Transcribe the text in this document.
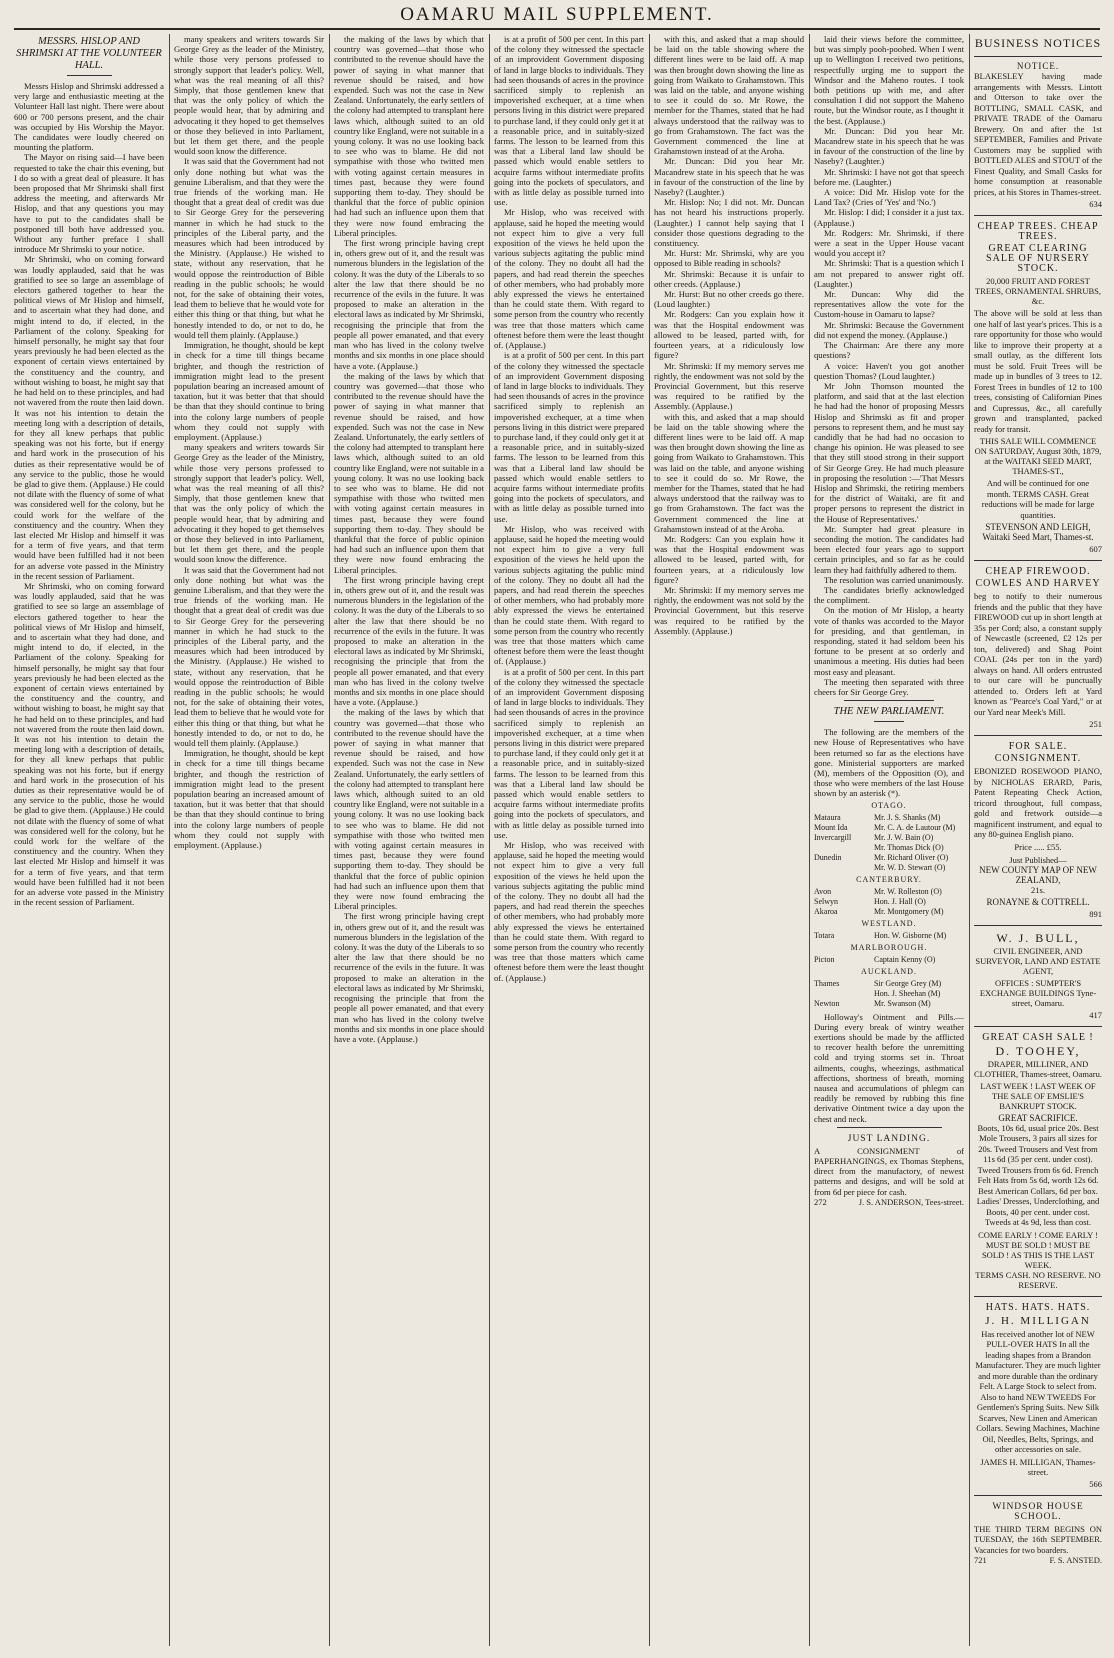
OAMARU MAIL SUPPLEMENT.
MESSRS. HISLOP AND SHRIMSKI AT THE VOLUNTEER HALL.

Messrs Hislop and Shrimski addressed a very large and enthusiastic meeting at the Volunteer Hall last night. There were about 600 or 700 persons present, and the chair was occupied by His Worship the Mayor. The candidates were loudly cheered on mounting the platform.

The Mayor on rising said—I have been requested to take the chair this evening, but I do so with a great deal of pleasure. It has been proposed that Mr Shrimski shall first address the meeting, and afterwards Mr Hislop, and that any questions you may have to put to the candidates shall be postponed till both have addressed you. Without any further preface I shall introduce Mr Shrimski to your notice.

Mr Shrimski, who on coming forward was loudly applauded, said that he was gratified to see so large an assemblage of electors gathered together to hear the political views of Mr Hislop and himself, and to ascertain what they had done, and might intend to do, if elected, in the Parliament of the colony. Speaking for himself personally, he might say that four years previously he had been elected as the exponent of certain views entertained by the constituency and the country, and without wishing to boast, he might say that he had held on to these principles, and had not wavered from the route then laid down. It was not his intention to detain the meeting long with a description of details, for they all knew perhaps that public speaking was not his forte, but if energy and hard work in the prosecution of his duties as their representative would be of any service to the public, those he would be glad to give them. (Applause.) He could not dilate with the fluency of some of what was considered well for the colony, but he could work for the welfare of the constituency and the country. When they last elected Mr Hislop and himself it was for a term of five years, and that term would have been fulfilled had it not been for an adverse vote passed in the Ministry in the recent session of Parliament.

Mr Shrimski, who on coming forward was loudly applauded, said that he was gratified to see so large an assemblage of electors gathered together to hear the political views of Mr Hislop and himself, and to ascertain what they had done, and might intend to do, if elected, in the Parliament of the colony. Speaking for himself personally, he might say that four years previously he had been elected as the exponent of certain views entertained by the constituency and the country, and without wishing to boast, he might say that he had held on to these principles, and had not wavered from the route then laid down. It was not his intention to detain the meeting long with a description of details, for they all knew perhaps that public speaking was not his forte, but if energy and hard work in the prosecution of his duties as their representative would be of any service to the public, those he would be glad to give them. (Applause.) He could not dilate with the fluency of some of what was considered well for the colony, but he could work for the welfare of the constituency and the country. When they last elected Mr Hislop and himself it was for a term of five years, and that term would have been fulfilled had it not been for an adverse vote passed in the Ministry in the recent session of Parliament.

many speakers and writers towards Sir George Grey as the leader of the Ministry, while those very persons professed to strongly support that leader's policy. Well, what was the real meaning of all this? Simply, that those gentlemen knew that that was the only policy of which the people would hear, that by admiring and advocating it they hoped to get themselves or those they believed in into Parliament, but let them get there, and the people would soon know the difference.

It was said that the Government had not only done nothing but what was the genuine Liberalism, and that they were the true friends of the working man. He thought that a great deal of credit was due to Sir George Grey for the persevering manner in which he had stuck to the principles of the Liberal party, and the measures which had been introduced by the Ministry. (Applause.) He wished to state, without any reservation, that he would oppose the reintroduction of Bible reading in the public schools; he would not, for the sake of obtaining their votes, lead them to believe that he would vote for either this thing or that thing, but what he honestly intended to do, or not to do, he would tell them plainly. (Applause.)

Immigration, he thought, should be kept in check for a time till things became brighter, and though the restriction of immigration might lead to the present population bearing an increased amount of taxation, but it was better that that should be than that they should continue to bring into the colony large numbers of people whom they could not supply with employment. (Applause.)

many speakers and writers towards Sir George Grey as the leader of the Ministry, while those very persons professed to strongly support that leader's policy. Well, what was the real meaning of all this? Simply, that those gentlemen knew that that was the only policy of which the people would hear, that by admiring and advocating it they hoped to get themselves or those they believed in into Parliament, but let them get there, and the people would soon know the difference.

It was said that the Government had not only done nothing but what was the genuine Liberalism, and that they were the true friends of the working man. He thought that a great deal of credit was due to Sir George Grey for the persevering manner in which he had stuck to the principles of the Liberal party, and the measures which had been introduced by the Ministry. (Applause.) He wished to state, without any reservation, that he would oppose the reintroduction of Bible reading in the public schools; he would not, for the sake of obtaining their votes, lead them to believe that he would vote for either this thing or that thing, but what he honestly intended to do, or not to do, he would tell them plainly. (Applause.)

Immigration, he thought, should be kept in check for a time till things became brighter, and though the restriction of immigration might lead to the present population bearing an increased amount of taxation, but it was better that that should be than that they should continue to bring into the colony large numbers of people whom they could not supply with employment. (Applause.)

the making of the laws by which that country was governed—that those who contributed to the revenue should have the power of saying in what manner that revenue should be raised, and how expended. Such was not the case in New Zealand. Unfortunately, the early settlers of the colony had attempted to transplant here laws which, although suited to an old country like England, were not suitable in a young colony. It was no use looking back to see who was to blame. He did not sympathise with those who twitted men with voting against certain measures in times past, because they were found supporting them to-day. They should be thankful that the force of public opinion had had such an influence upon them that they were now found embracing the Liberal principles.

The first wrong principle having crept in, others grew out of it, and the result was numerous blunders in the legislation of the colony. It was the duty of the Liberals to so alter the law that there should be no recurrence of the evils in the future. It was proposed to make an alteration in the electoral laws as indicated by Mr Shrimski, recognising the principle that from the people all power emanated, and that every man who has lived in the colony twelve months and six months in one place should have a vote. (Applause.)

the making of the laws by which that country was governed—that those who contributed to the revenue should have the power of saying in what manner that revenue should be raised, and how expended. Such was not the case in New Zealand. Unfortunately, the early settlers of the colony had attempted to transplant here laws which, although suited to an old country like England, were not suitable in a young colony. It was no use looking back to see who was to blame. He did not sympathise with those who twitted men with voting against certain measures in times past, because they were found supporting them to-day. They should be thankful that the force of public opinion had had such an influence upon them that they were now found embracing the Liberal principles.

The first wrong principle having crept in, others grew out of it, and the result was numerous blunders in the legislation of the colony. It was the duty of the Liberals to so alter the law that there should be no recurrence of the evils in the future. It was proposed to make an alteration in the electoral laws as indicated by Mr Shrimski, recognising the principle that from the people all power emanated, and that every man who has lived in the colony twelve months and six months in one place should have a vote. (Applause.)

the making of the laws by which that country was governed—that those who contributed to the revenue should have the power of saying in what manner that revenue should be raised, and how expended. Such was not the case in New Zealand. Unfortunately, the early settlers of the colony had attempted to transplant here laws which, although suited to an old country like England, were not suitable in a young colony. It was no use looking back to see who was to blame. He did not sympathise with those who twitted men with voting against certain measures in times past, because they were found supporting them to-day. They should be thankful that the force of public opinion had had such an influence upon them that they were now found embracing the Liberal principles.

The first wrong principle having crept in, others grew out of it, and the result was numerous blunders in the legislation of the colony. It was the duty of the Liberals to so alter the law that there should be no recurrence of the evils in the future. It was proposed to make an alteration in the electoral laws as indicated by Mr Shrimski, recognising the principle that from the people all power emanated, and that every man who has lived in the colony twelve months and six months in one place should have a vote. (Applause.)

is at a profit of 500 per cent. In this part of the colony they witnessed the spectacle of an improvident Government disposing of land in large blocks to individuals. They had seen thousands of acres in the province sacrificed simply to replenish an impoverished exchequer, at a time when persons living in this district were prepared to purchase land, if they could only get it at a reasonable price, and in suitably-sized farms. The lesson to be learned from this was that a Liberal land law should be passed which would enable settlers to acquire farms without intermediate profits going into the pockets of speculators, and with as little delay as possible turned into use.

Mr Hislop, who was received with applause, said he hoped the meeting would not expect him to give a very full exposition of the views he held upon the various subjects agitating the public mind of the colony. They no doubt all had the papers, and had read therein the speeches of other members, who had probably more ably expressed the views he entertained than he could state them. With regard to some person from the country who recently was tree that those matters which came oftenest before them were the least thought of. (Applause.)

is at a profit of 500 per cent. In this part of the colony they witnessed the spectacle of an improvident Government disposing of land in large blocks to individuals. They had seen thousands of acres in the province sacrificed simply to replenish an impoverished exchequer, at a time when persons living in this district were prepared to purchase land, if they could only get it at a reasonable price, and in suitably-sized farms. The lesson to be learned from this was that a Liberal land law should be passed which would enable settlers to acquire farms without intermediate profits going into the pockets of speculators, and with as little delay as possible turned into use.

Mr Hislop, who was received with applause, said he hoped the meeting would not expect him to give a very full exposition of the views he held upon the various subjects agitating the public mind of the colony. They no doubt all had the papers, and had read therein the speeches of other members, who had probably more ably expressed the views he entertained than he could state them. With regard to some person from the country who recently was tree that those matters which came oftenest before them were the least thought of. (Applause.)

is at a profit of 500 per cent. In this part of the colony they witnessed the spectacle of an improvident Government disposing of land in large blocks to individuals. They had seen thousands of acres in the province sacrificed simply to replenish an impoverished exchequer, at a time when persons living in this district were prepared to purchase land, if they could only get it at a reasonable price, and in suitably-sized farms. The lesson to be learned from this was that a Liberal land law should be passed which would enable settlers to acquire farms without intermediate profits going into the pockets of speculators, and with as little delay as possible turned into use.

Mr Hislop, who was received with applause, said he hoped the meeting would not expect him to give a very full exposition of the views he held upon the various subjects agitating the public mind of the colony. They no doubt all had the papers, and had read therein the speeches of other members, who had probably more ably expressed the views he entertained than he could state them. With regard to some person from the country who recently was tree that those matters which came oftenest before them were the least thought of. (Applause.)

with this, and asked that a map should be laid on the table showing where the different lines were to be laid off. A map was then brought down showing the line as going from Waikato to Grahamstown. This was laid on the table, and anyone wishing to see it could do so. Mr Rowe, the member for the Thames, stated that he had always understood that the railway was to go from Grahamstown. The fact was the Government commenced the line at Grahamstown instead of at the Aroha.

Mr. Duncan: Did you hear Mr. Macandrew state in his speech that he was in favour of the construction of the line by Naseby? (Laughter.)

Mr. Hislop: No; I did not. Mr. Duncan has not heard his instructions properly. (Laughter.) I cannot help saying that I consider those questions degrading to the constituency.

Mr. Hurst: Mr. Shrimski, why are you opposed to Bible reading in schools?

Mr. Shrimski: Because it is unfair to other creeds. (Applause.)

Mr. Hurst: But no other creeds go there. (Loud laughter.)

Mr. Rodgers: Can you explain how it was that the Hospital endowment was allowed to be leased, parted with, for fourteen years, at a ridiculously low figure?

Mr. Shrimski: If my memory serves me rightly, the endowment was not sold by the Provincial Government, but this reserve was required to be ratified by the Assembly. (Applause.)

with this, and asked that a map should be laid on the table showing where the different lines were to be laid off. A map was then brought down showing the line as going from Waikato to Grahamstown. This was laid on the table, and anyone wishing to see it could do so. Mr Rowe, the member for the Thames, stated that he had always understood that the railway was to go from Grahamstown. The fact was the Government commenced the line at Grahamstown instead of at the Aroha.

Mr. Rodgers: Can you explain how it was that the Hospital endowment was allowed to be leased, parted with, for fourteen years, at a ridiculously low figure?

Mr. Shrimski: If my memory serves me rightly, the endowment was not sold by the Provincial Government, but this reserve was required to be ratified by the Assembly. (Applause.)

laid their views before the committee, but was simply pooh-poohed. When I went up to Wellington I received two petitions, respectfully urging me to support the Windsor and the Maheno routes. I took both petitions up with me, and after consultation I did not support the Maheno route, but the Windsor route, as I thought it the best. (Applause.)

Mr. Duncan: Did you hear Mr. Macandrew state in his speech that he was in favour of the construction of the line by Naseby? (Laughter.)

Mr. Shrimski: I have not got that speech before me. (Laughter.)

A voice: Did Mr. Hislop vote for the Land Tax? (Cries of 'Yes' and 'No.')

Mr. Hislop: I did; I consider it a just tax. (Applause.)

Mr. Rodgers: Mr. Shrimski, if there were a seat in the Upper House vacant would you accept it?

Mr. Shrimski: That is a question which I am not prepared to answer right off. (Laughter.)

Mr. Duncan: Why did the representatives allow the vote for the Custom-house in Oamaru to lapse?

Mr. Shrimski: Because the Government did not expend the money. (Applause.)

The Chairman: Are there any more questions?

A voice: Haven't you got another question Thomas? (Loud laughter.)

Mr John Thomson mounted the platform, and said that at the last election he had had the honor of proposing Messrs Hislop and Shrimski as fit and proper persons to represent them, and he must say candidly that he had had no occasion to change his opinion. He was pleased to see that they still stood strong in their support of Sir George Grey. He had much pleasure in proposing the resolution :—'That Messrs Hislop and Shrimski, the retiring members for the district of Waitaki, are fit and proper persons to represent the district in the House of Representatives.'

Mr. Sumpter had great pleasure in seconding the motion. The candidates had been elected four years ago to support certain principles, and so far as he could learn they had faithfully adhered to them.

The resolution was carried unanimously.

The candidates briefly acknowledged the compliment.

On the motion of Mr Hislop, a hearty vote of thanks was accorded to the Mayor for presiding, and that gentleman, in responding, stated it had seldom been his fortune to be present at so orderly and unanimous a meeting. His duties had been most easy and pleasant.

The meeting then separated with three cheers for Sir George Grey.

THE NEW PARLIAMENT.

The following are the members of the new House of Representatives who have been returned so far as the elections have gone. Ministerial supporters are marked (M), members of the Opposition (O), and those who were members of the last House shown by an asterisk (*).

OTAGO.
Mataura	Mr. J. S. Shanks (M)
Mount Ida	Mr. C. A. de Lautour (M)
Invercargill	Mr. J. W. Bain (O)
Mr. Thomas Dick (O)
Dunedin	Mr. Richard Oliver (O)
Mr. W. D. Stewart (O)
CANTERBURY.
Avon	Mr. W. Rolleston (O)
Selwyn	Hon. J. Hall (O)
Akaroa	Mr. Montgomery (M)
WESTLAND.
Totara	Hon. W. Gisborne (M)
MARLBOROUGH.
Picton	Captain Kenny (O)
AUCKLAND.
Thames	Sir George Grey (M)
Hon. J. Sheehan (M)
Newton	Mr. Swanson (M)

Holloway's Ointment and Pills.—During every break of wintry weather exertions should be made by the afflicted to recover health before the unremitting cold and trying storms set in. Throat ailments, coughs, wheezings, asthmatical affections, shortness of breath, morning nausea and accumulations of phlegm can readily be removed by rubbing this fine derivative Ointment twice a day upon the chest and neck.

JUST LANDING.

A CONSIGNMENT of PAPERHANGINGS, ex Thomas Stephens, direct from the manufactory, of newest patterns and designs, and will be sold at from 6d per piece for cash.

272	J. S. ANDERSON, Tees-street.
BUSINESS NOTICES
NOTICE.
BLAKESLEY having made arrangements with Messrs. Lintott and Otterson to take over the BOTTLING, SMALL CASK, and PRIVATE TRADE of the Oamaru Brewery. On and after the 1st SEPTEMBER, Families and Private Customers may be supplied with BOTTLED ALES and STOUT of the Finest Quality, and Small Casks for home consumption at reasonable prices, at his Stores in Thames-street.
634
CHEAP TREES. CHEAP TREES.
GREAT CLEARING SALE OF NURSERY STOCK.
20,000 FRUIT AND FOREST TREES, ORNAMENTAL SHRUBS, &c.
The above will be sold at less than one half of last year's prices. This is a rare opportunity for those who would like to improve their property at a small outlay, as the different lots must be sold. Fruit Trees will be made up in bundles of 3 trees to 12. Forest Trees in bundles of 12 to 100 trees, consisting of Californian Pines and Cupressus, &c., all carefully grown and transplanted, packed ready for transit.
THIS SALE WILL COMMENCE ON SATURDAY, August 30th, 1879, at the WAITAKI SEED MART, THAMES-ST.,
And will be continued for one month. TERMS CASH. Great reductions will be made for large quantities.
STEVENSON AND LEIGH, Waitaki Seed Mart, Thames-st.
607
CHEAP FIREWOOD.
COWLES AND HARVEY
beg to notify to their numerous friends and the public that they have FIREWOOD cut up in short length at 35s per Cord; also, a constant supply of Newcastle (screened, £2 12s per ton, delivered) and Shag Point COAL (24s per ton in the yard) always on hand. All orders entrusted to our care will be punctually attended to. Orders left at Yard known as "Pearce's Coal Yard," or at our Yard near Meek's Mill.
251
FOR SALE.
CONSIGNMENT.
EBONIZED ROSEWOOD PIANO, by NICHOLAS ERARD, Paris, Patent Repeating Check Action, tricord throughout, full compass, gold and fretwork outside—a magnificent instrument, and equal to any 80-guinea English piano.
Price ..... £55.
Just Published—
NEW COUNTY MAP OF NEW ZEALAND,
21s.
RONAYNE & COTTRELL.
891
W. J. BULL,
CIVIL ENGINEER, AND SURVEYOR, LAND AND ESTATE AGENT,
OFFICES : SUMPTER'S EXCHANGE BUILDINGS Tyne-street, Oamaru.
417
GREAT CASH SALE !
D. TOOHEY,
DRAPER, MILLINER, AND CLOTHIER, Thames-street, Oamaru.
LAST WEEK ! LAST WEEK OF THE SALE OF EMSLIE'S BANKRUPT STOCK.
GREAT SACRIFICE.
Boots, 10s 6d, usual price 20s. Best Mole Trousers, 3 pairs all sizes for 20s. Tweed Trousers and Vest from 11s 6d (35 per cent. under cost). Tweed Trousers from 6s 6d. French Felt Hats from 5s 6d, worth 12s 6d. Best American Collars, 6d per box. Ladies' Dresses, Underclothing, and Boots, 40 per cent. under cost. Tweeds at 4s 9d, less than cost.
COME EARLY ! COME EARLY ! MUST BE SOLD ! MUST BE SOLD ! AS THIS IS THE LAST WEEK.
TERMS CASH. NO RESERVE. NO RESERVE.
HATS. HATS. HATS.
J. H. MILLIGAN
Has received another lot of NEW PULL-OVER HATS In all the leading shapes from a Brandon Manufacturer. They are much lighter and more durable than the ordinary Felt. A Large Stock to select from. Also to hand NEW TWEEDS For Gentlemen's Spring Suits. New Silk Scarves, New Linen and American Collars. Sewing Machines, Machine Oil, Needles, Belts, Springs, and other accessories on sale.
JAMES H. MILLIGAN, Thames-street.
566
WINDSOR HOUSE SCHOOL.
THE THIRD TERM BEGINS ON TUESDAY, the 16th SEPTEMBER. Vacancies for two boarders.
721	F. S. ANSTED.
